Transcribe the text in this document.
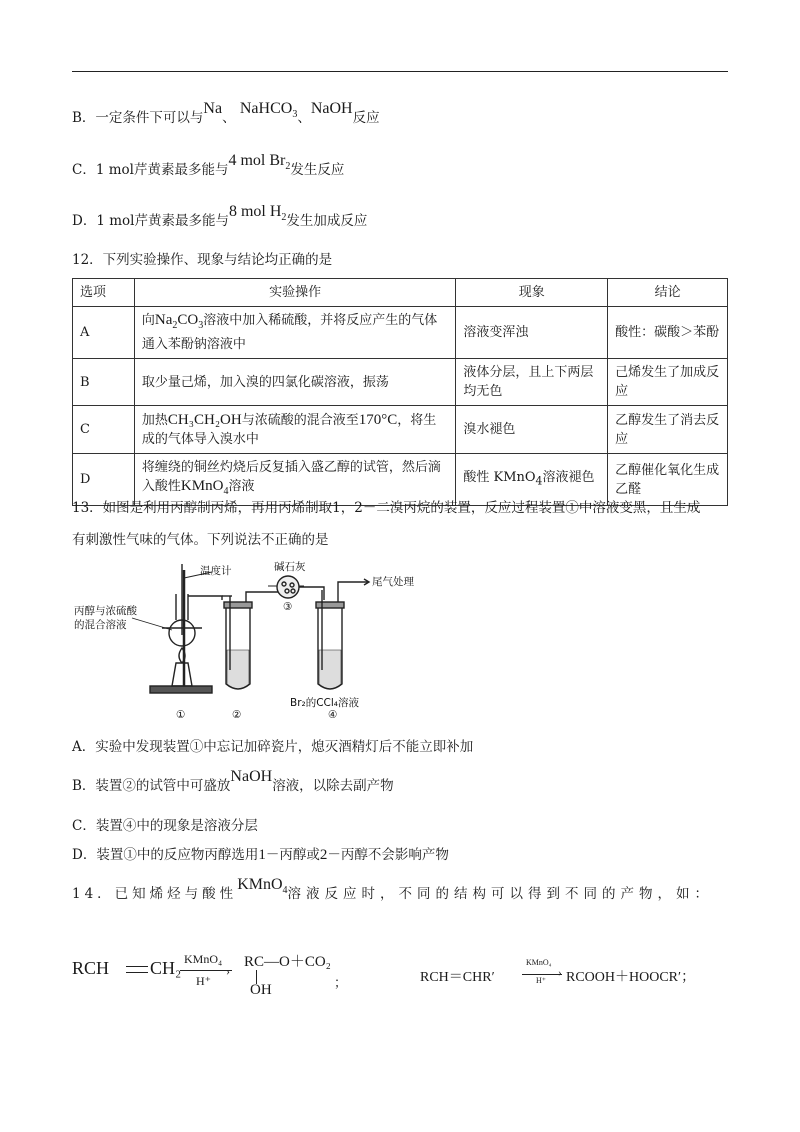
B．一定条件下可以与Na、 NaHCO$_3$、NaOH反应
C．1 mol芹黄素最多能与4 mol $Br_2$发生反应
D．1 mol芹黄素最多能与8 mol $H_2$发生加成反应
12．下列实验操作、现象与结论均正确的是
选项	实验操作	现象	结论
A	向$Na_2CO_3$溶液中加入稀硫酸，并将反应产生的气体通入苯酚钠溶液中	溶液变浑浊	酸性：碳酸＞苯酚
B	取少量己烯，加入溴的四氯化碳溶液，振荡	液体分层，且上下两层均无色	己烯发生了加成反应
C	加热CH₃CH₂OH与浓硫酸的混合液至170°C，将生成的气体导入溴水中	溴水褪色	乙醇发生了消去反应
D	将缠绕的铜丝灼烧后反复插入盛乙醇的试管，然后滴入酸性KMnO$_4$溶液	酸性 KMnO$_4$溶液褪色	乙醇催化氧化生成乙醛
13．如图是利用丙醇制丙烯，再用丙烯制取1，2－二溴丙烷的装置，反应过程装置①中溶液变黑，且生成
有刺激性气味的气体。下列说法不正确的是
温度计	碱石灰
尾气处理
丙醇与浓硫酸
的混合溶液
Br₂的CCl₄溶液
①	②
③
④
A．实验中发现装置①中忘记加碎瓷片，熄灭酒精灯后不能立即补加
B．装置②的试管中可盛放NaOH溶液，以除去副产物
C．装置④中的现象是溶液分层
D．装置①中的反应物丙醇选用1－丙醇或2－丙醇不会影响产物
14．已知烯烃与酸性KMnO$_4$溶液反应时，不同的结构可以得到不同的产物，如：
RCH CH₂ KMnO₄
›
H⁺
RC—O＋CO₂
OH	；	RCH＝CHR′
KMnO₄
›
H⁺ RCOOH＋HOOCR′；
